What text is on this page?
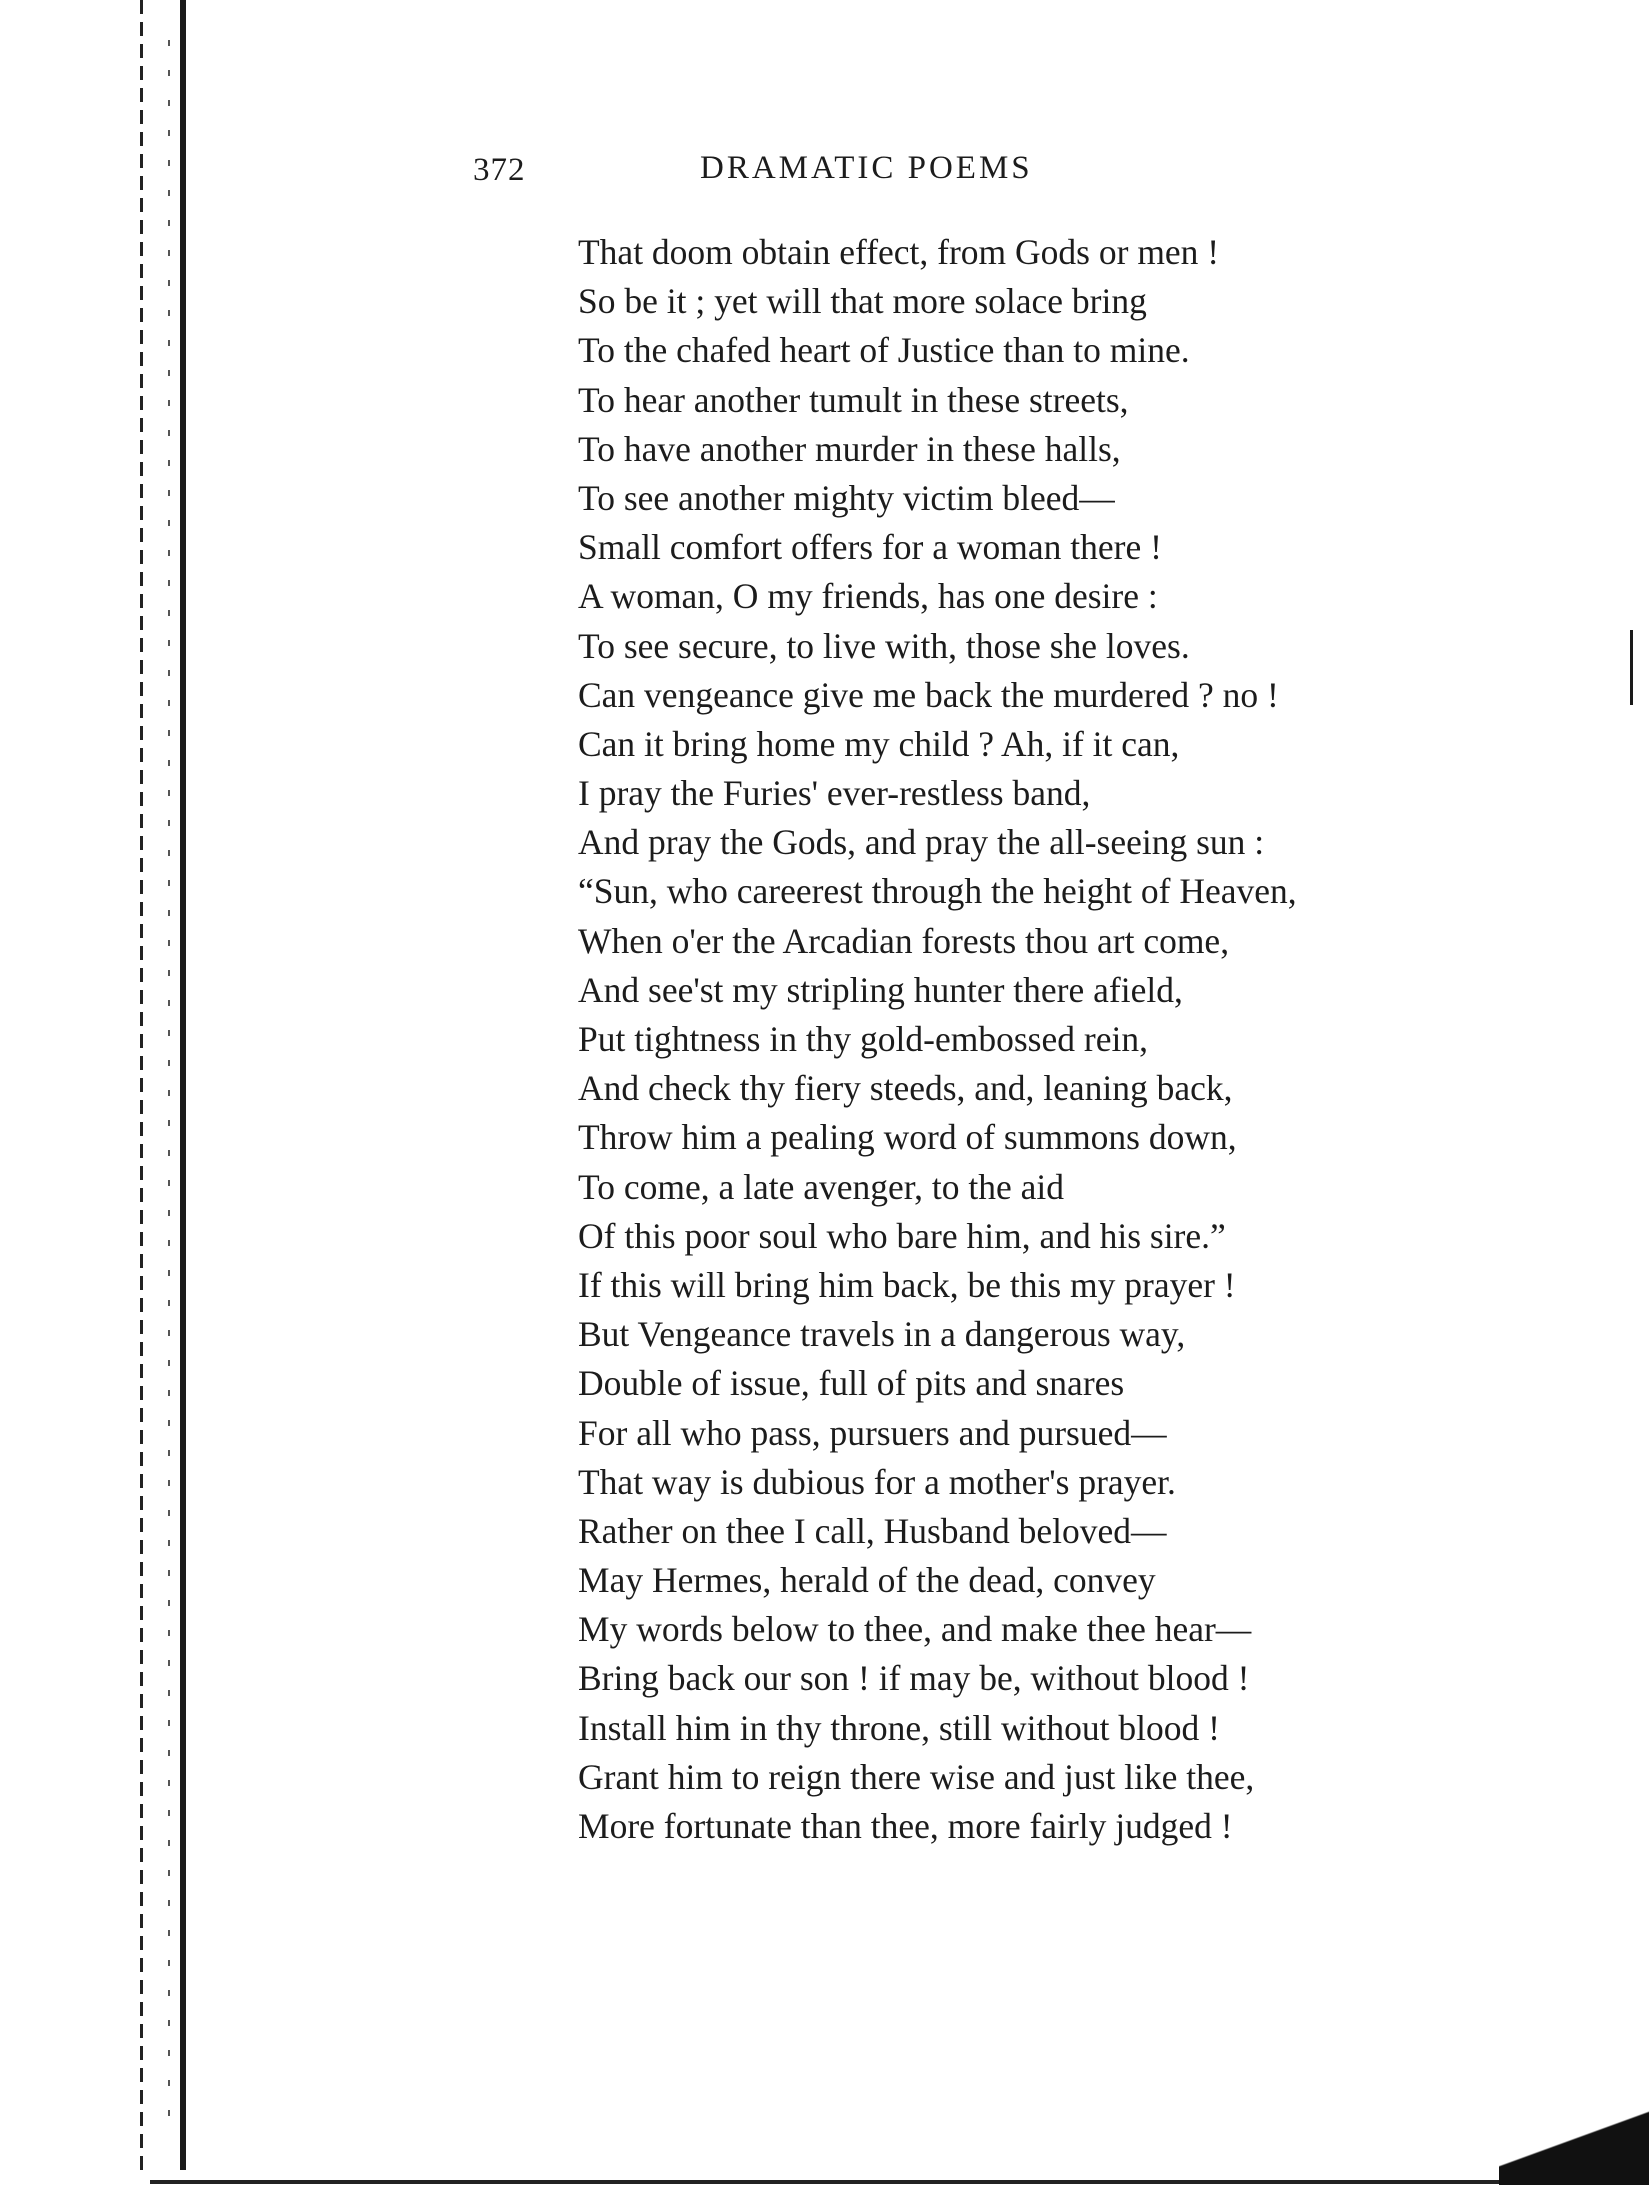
372	DRAMATIC POEMS
That doom obtain effect, from Gods or men !
So be it ; yet will that more solace bring
To the chafed heart of Justice than to mine.
To hear another tumult in these streets,
To have another murder in these halls,
To see another mighty victim bleed—
Small comfort offers for a woman there !
A woman, O my friends, has one desire :
To see secure, to live with, those she loves.
Can vengeance give me back the murdered ? no !
Can it bring home my child ? Ah, if it can,
I pray the Furies' ever-restless band,
And pray the Gods, and pray the all-seeing sun :
“Sun, who careerest through the height of Heaven,
When o'er the Arcadian forests thou art come,
And see'st my stripling hunter there afield,
Put tightness in thy gold-embossed rein,
And check thy fiery steeds, and, leaning back,
Throw him a pealing word of summons down,
To come, a late avenger, to the aid
Of this poor soul who bare him, and his sire.”
If this will bring him back, be this my prayer !
But Vengeance travels in a dangerous way,
Double of issue, full of pits and snares
For all who pass, pursuers and pursued—
That way is dubious for a mother's prayer.
Rather on thee I call, Husband beloved—
May Hermes, herald of the dead, convey
My words below to thee, and make thee hear—
Bring back our son ! if may be, without blood !
Install him in thy throne, still without blood !
Grant him to reign there wise and just like thee,
More fortunate than thee, more fairly judged !
